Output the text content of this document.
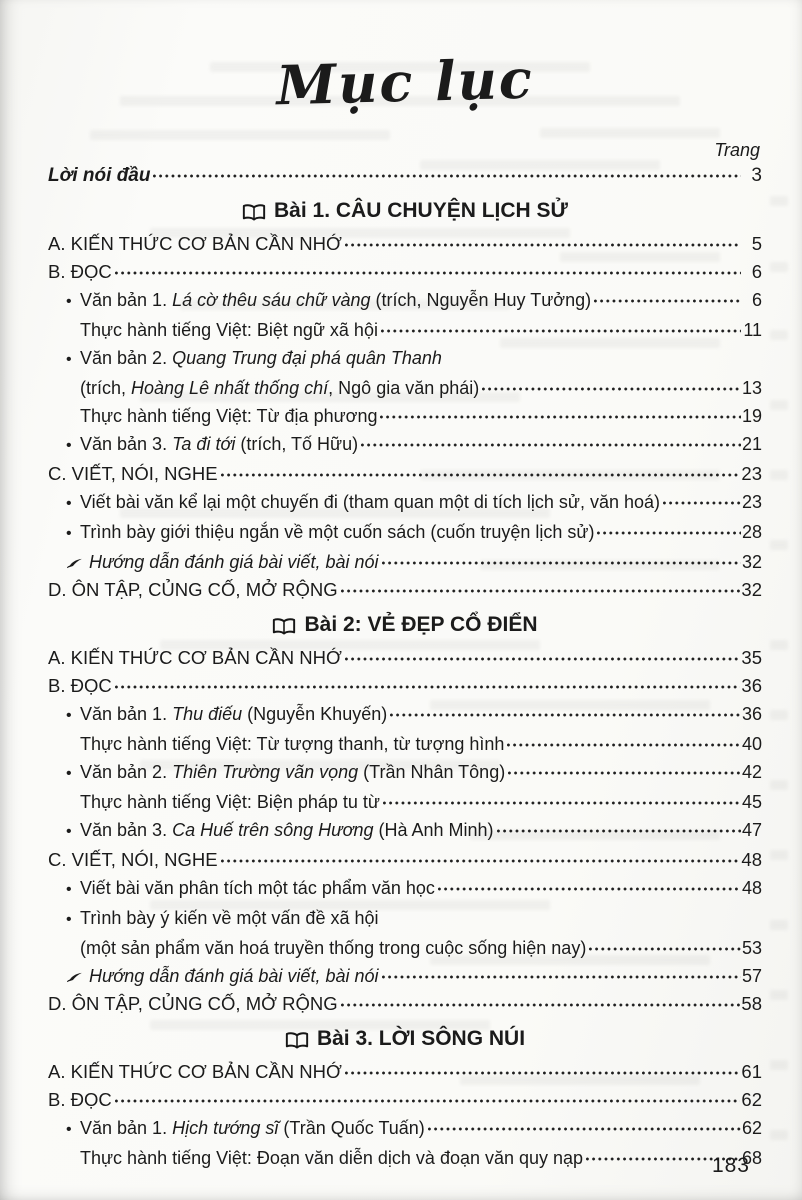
Mục lục
Trang
Lời nói đầu	3
Bài 1. CÂU CHUYỆN LỊCH SỬ
A. KIẾN THỨC CƠ BẢN CẦN NHỚ	5
B. ĐỌC	6
• Văn bản 1. Lá cờ thêu sáu chữ vàng (trích, Nguyễn Huy Tưởng)	6
Thực hành tiếng Việt: Biệt ngữ xã hội	11
• Văn bản 2. Quang Trung đại phá quân Thanh
(trích, Hoàng Lê nhất thống chí, Ngô gia văn phái)	13
Thực hành tiếng Việt: Từ địa phương	19
• Văn bản 3. Ta đi tới (trích, Tố Hữu)	21
C. VIẾT, NÓI, NGHE	23
• Viết bài văn kể lại một chuyến đi (tham quan một di tích lịch sử, văn hoá)	23
• Trình bày giới thiệu ngắn về một cuốn sách (cuốn truyện lịch sử)	28
Hướng dẫn đánh giá bài viết, bài nói	32
D. ÔN TẬP, CỦNG CỐ, MỞ RỘNG	32
Bài 2: VẺ ĐẸP CỔ ĐIỂN
A. KIẾN THỨC CƠ BẢN CẦN NHỚ	35
B. ĐỌC	36
• Văn bản 1. Thu điếu (Nguyễn Khuyến)	36
Thực hành tiếng Việt: Từ tượng thanh, từ tượng hình	40
• Văn bản 2. Thiên Trường vãn vọng (Trần Nhân Tông)	42
Thực hành tiếng Việt: Biện pháp tu từ	45
• Văn bản 3. Ca Huế trên sông Hương (Hà Anh Minh)	47
C. VIẾT, NÓI, NGHE	48
• Viết bài văn phân tích một tác phẩm văn học	48
• Trình bày ý kiến về một vấn đề xã hội
(một sản phẩm văn hoá truyền thống trong cuộc sống hiện nay)	53
Hướng dẫn đánh giá bài viết, bài nói	57
D. ÔN TẬP, CỦNG CỐ, MỞ RỘNG	58
Bài 3. LỜI SÔNG NÚI
A. KIẾN THỨC CƠ BẢN CẦN NHỚ	61
B. ĐỌC	62
• Văn bản 1. Hịch tướng sĩ (Trần Quốc Tuấn)	62
Thực hành tiếng Việt: Đoạn văn diễn dịch và đoạn văn quy nạp	68
183
